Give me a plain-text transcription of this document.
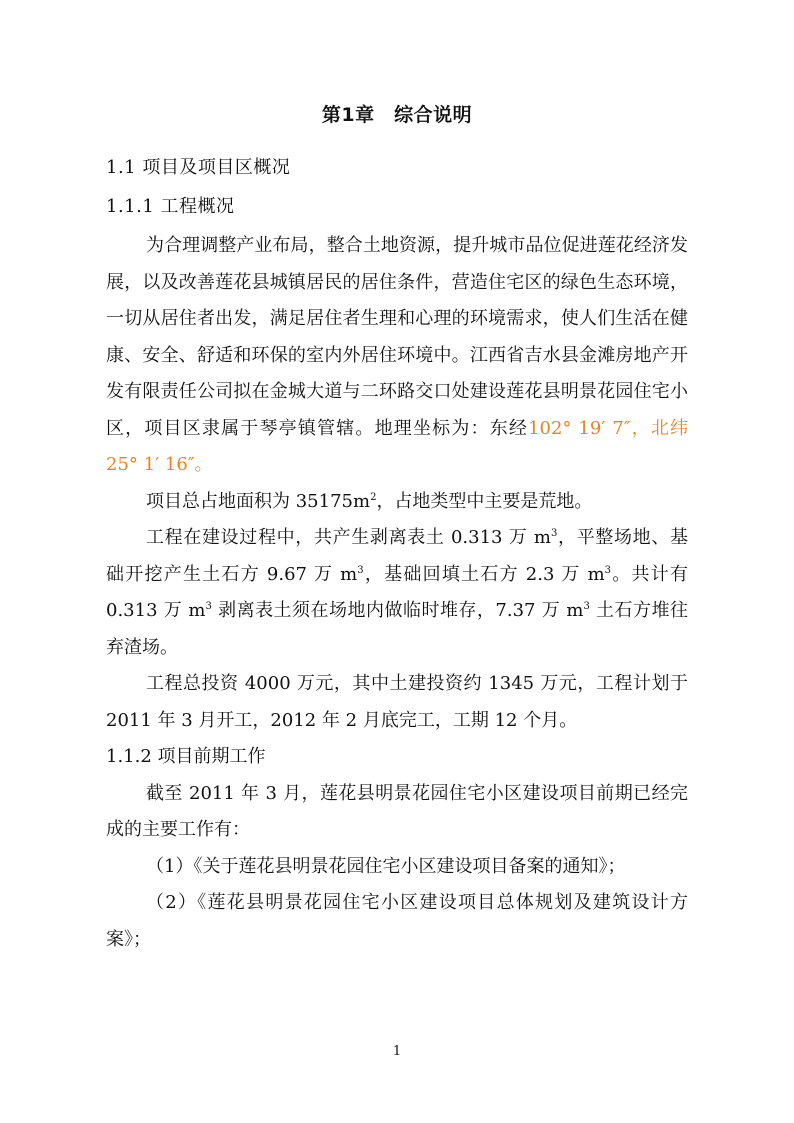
第1章　综合说明
1.1 项目及项目区概况
1.1.1 工程概况
为合理调整产业布局，整合土地资源，提升城市品位促进莲花经济发展，以及改善莲花县城镇居民的居住条件，营造住宅区的绿色生态环境，一切从居住者出发，满足居住者生理和心理的环境需求，使人们生活在健康、安全、舒适和环保的室内外居住环境中。江西省吉水县金滩房地产开发有限责任公司拟在金城大道与二环路交口处建设莲花县明景花园住宅小区，项目区隶属于琴亭镇管辖。地理坐标为：东经102° 19′ 7″，北纬 25° 1′ 16″。
项目总占地面积为 $35175m^2$，占地类型中主要是荒地。
工程在建设过程中，共产生剥离表土 0.313 万 $m^3$，平整场地、基础开挖产生土石方 9.67 万 $m^3$，基础回填土石方 2.3 万 $m^3$。共计有 0.313 万 $m^3$ 剥离表土须在场地内做临时堆存，7.37 万 $m^3$ 土石方堆往弃渣场。
工程总投资 4000 万元，其中土建投资约 1345 万元，工程计划于 2011 年 3 月开工，2012 年 2 月底完工，工期 12 个月。
1.1.2 项目前期工作
截至 2011 年 3 月，莲花县明景花园住宅小区建设项目前期已经完成的主要工作有：
（1）《关于莲花县明景花园住宅小区建设项目备案的通知》；
（2）《莲花县明景花园住宅小区建设项目总体规划及建筑设计方案》；
1
